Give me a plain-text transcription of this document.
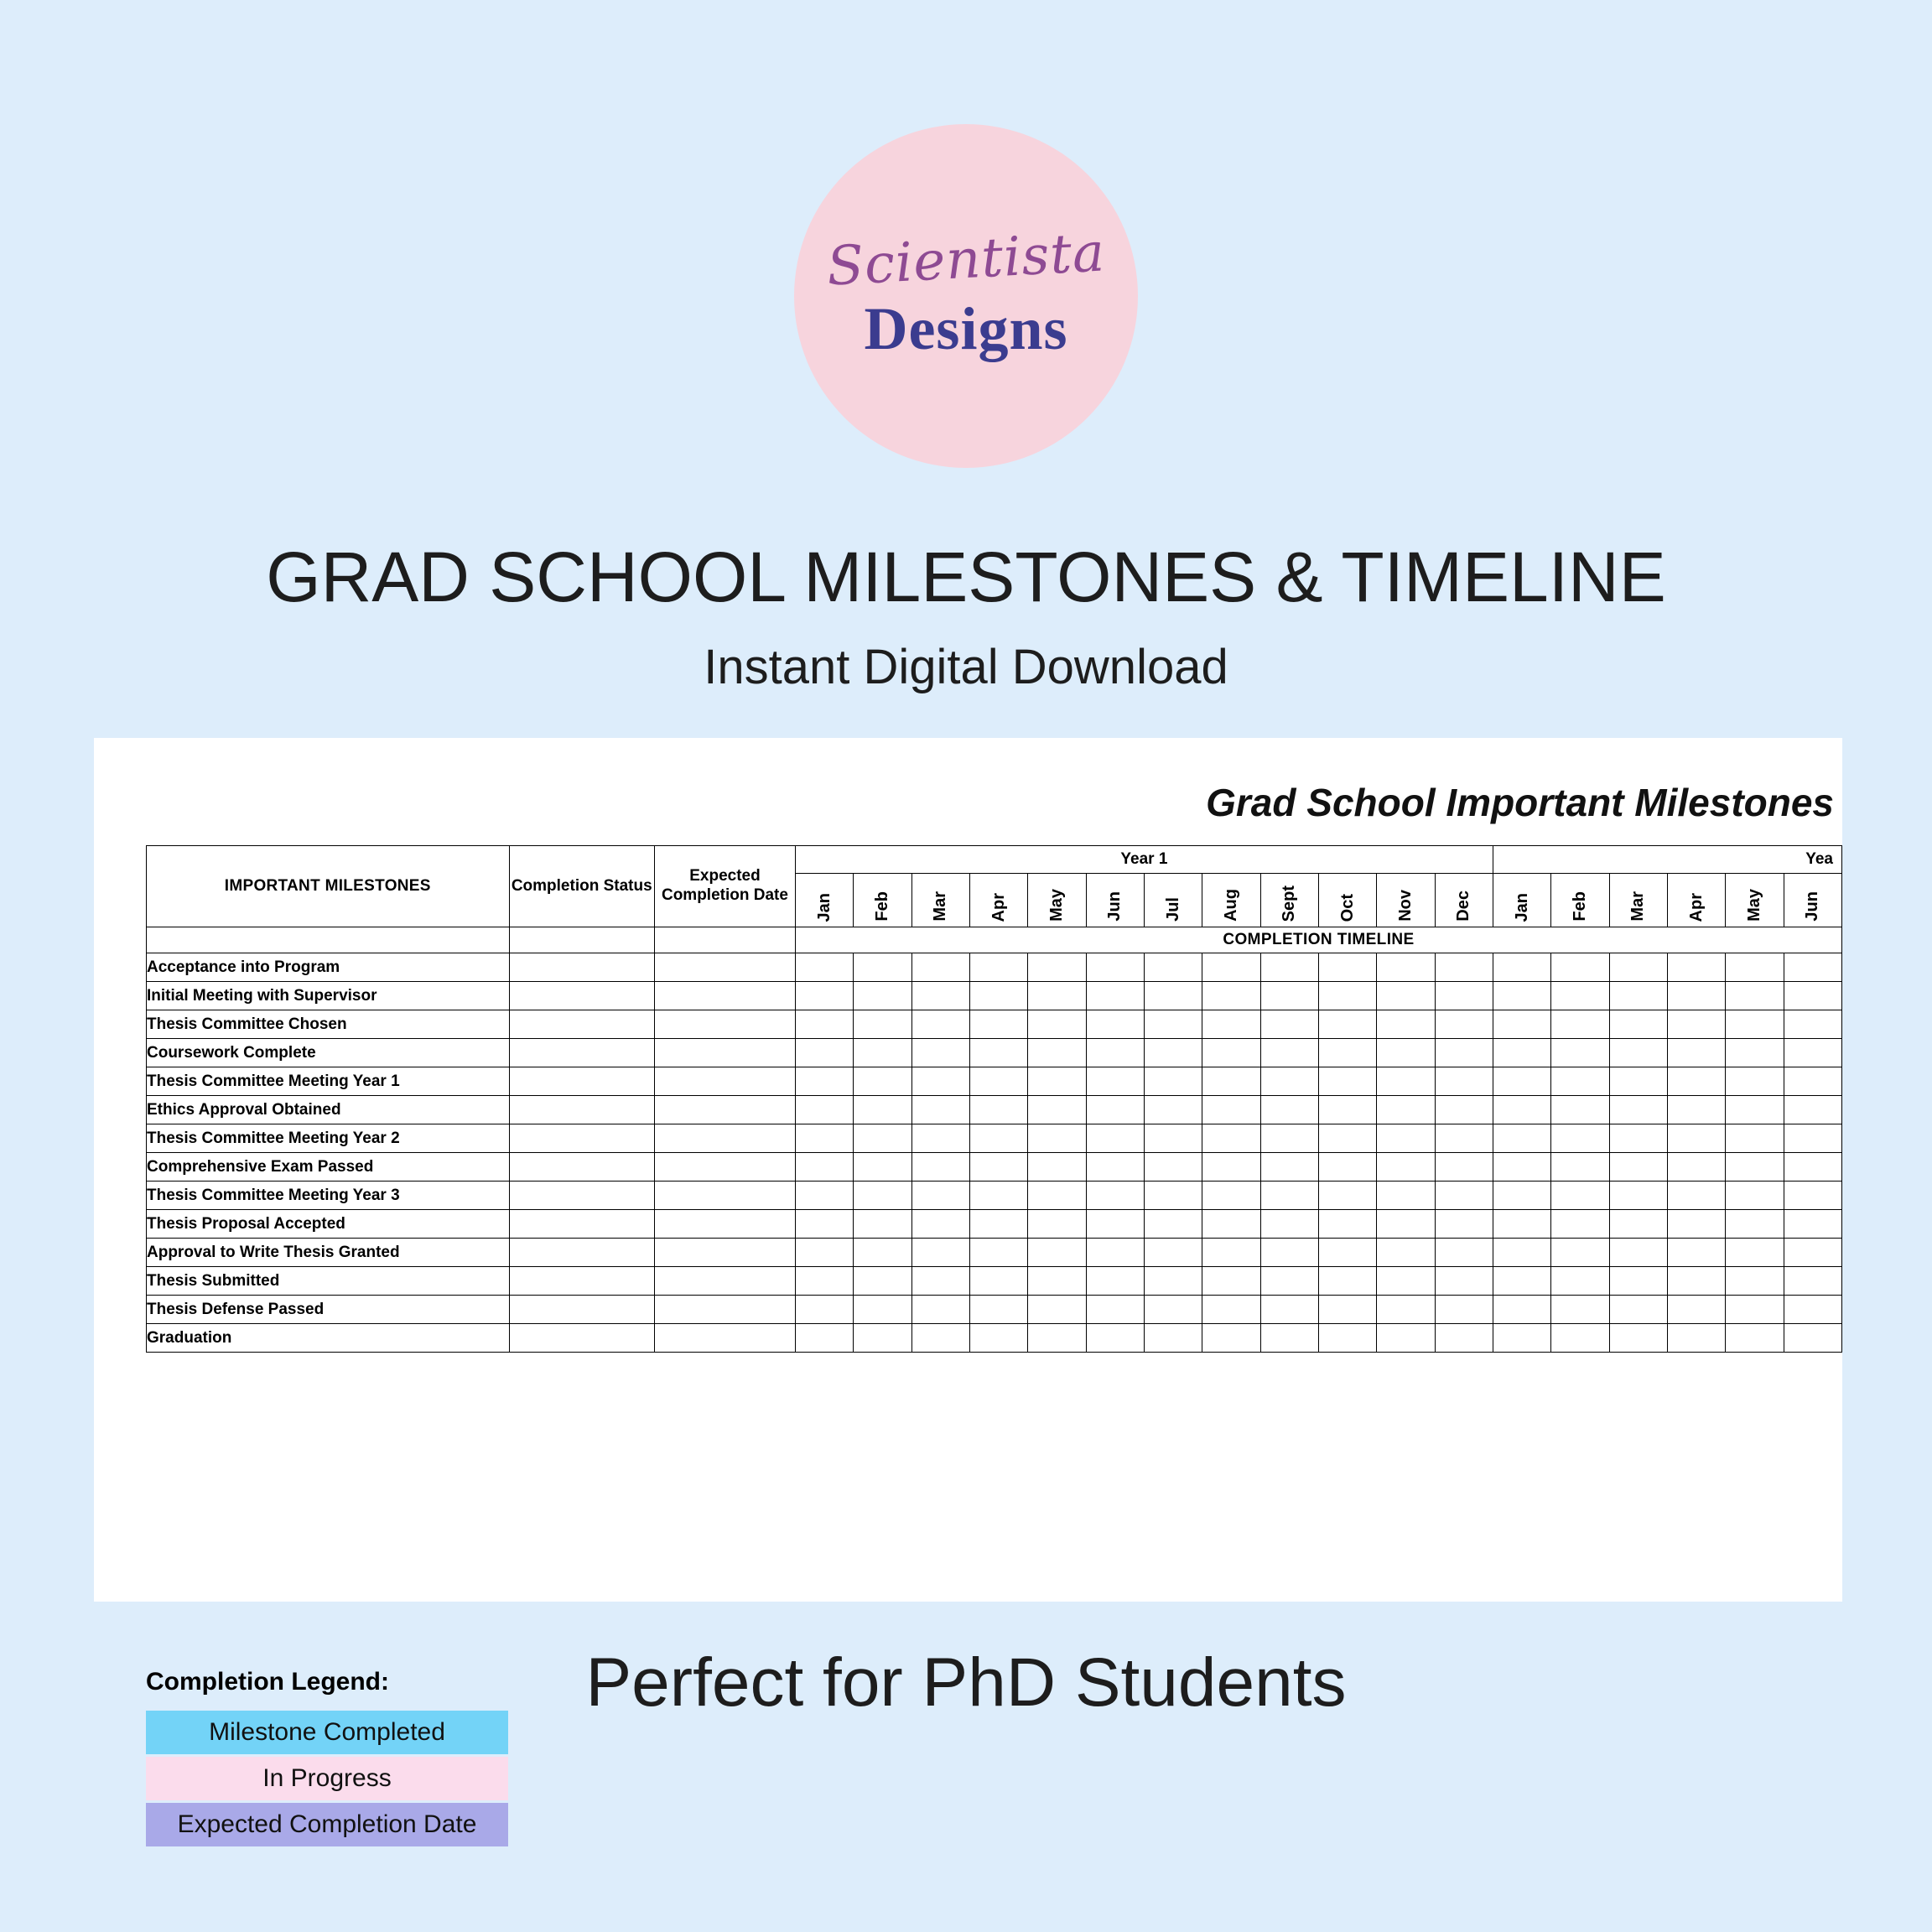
Scientista
Designs
GRAD SCHOOL MILESTONES & TIMELINE
Instant Digital Download
Grad School Important Milestones
IMPORTANT MILESTONES	Completion Status	Expected Completion Date	Year 1												Yea					
			Jan	Feb	Mar	Apr	May	Jun	Jul	Aug	Sept	Oct	Nov	Dec	Jan	Feb	Mar	Apr	May	Jun
			COMPLETION TIMELINE																	
Acceptance into Program																				
Initial Meeting with Supervisor																				
Thesis Committee Chosen																				
Coursework Complete																				
Thesis Committee Meeting Year 1																				
Ethics Approval Obtained																				
Thesis Committee Meeting Year 2																				
Comprehensive Exam Passed																				
Thesis Committee Meeting Year 3																				
Thesis Proposal Accepted																				
Approval to Write Thesis Granted																				
Thesis Submitted																				
Thesis Defense Passed																				
Graduation																				
Completion Legend:
Milestone Completed
In Progress
Expected Completion Date
Perfect for PhD Students
